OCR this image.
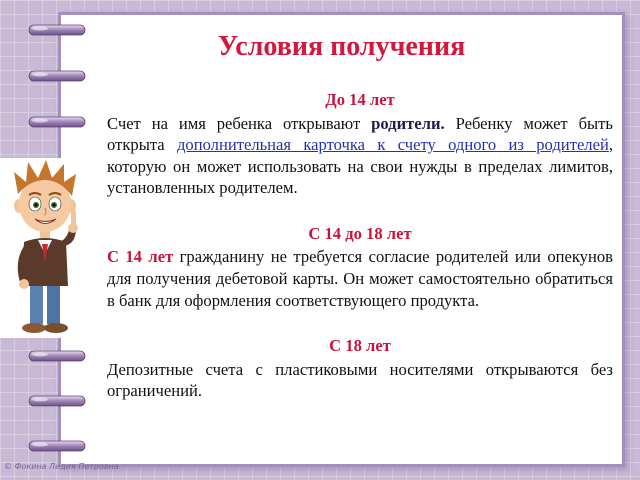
Условия получения
До 14 лет

Счет на имя ребенка открывают родители. Ребенку может быть открыта дополнительная карточка к счету одного из родителей, которую он может использовать на свои нужды в пределах лимитов, установленных родителем.

С 14 до 18 лет

С 14 лет гражданину не требуется согласие родителей или опекунов для получения дебетовой карты. Он может самостоятельно обратиться в банк для оформления соответствующего продукта.

С 18 лет

Депозитные счета с пластиковыми носителями открываются без ограничений.

© Фокина Лидия Петровна
